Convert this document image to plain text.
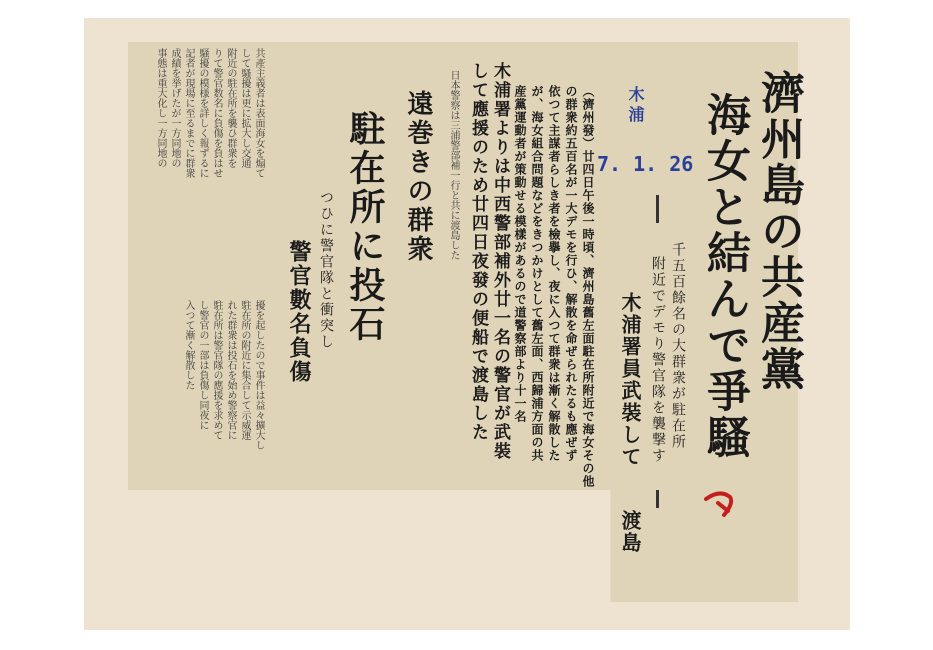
濟州島の共産黨
海女と結んで爭騷
千五百餘名の大群衆が駐在所
附近でデモり警官隊を襲撃す
木浦署員武裝して
渡島
木浦
7. 1. 26
（濟州發）廿四日午後一時頃、濟州島舊左面駐在所附近で海女その他
の群衆約五百名が一大デモを行ひ、解散を命ぜられたるも應ぜず
依つて主謀者らしき者を檢擧し、夜に入つて群衆は漸く解散した
が、海女組合問題などをきつかけとして舊左面、西歸浦方面の共
産黨運動者が策動せる模樣があるので道警察部より十一名
木浦署よりは中西警部補外廿一名の警官が武裝
して應援のため廿四日夜發の便船で渡島した
日本警察は三浦警部補一行と共に渡島した
遠巻きの群衆
駐在所に投石
つひに警官隊と衝突し
警官數名負傷
共產主義者は表面海女を煽て
して騷擾は更に拡大し交通
附近の駐在所を襲ひ群衆を
りて警官数名に負傷を負はせ
騒擾の模様を詳しく報ずるに
記者が現場に至るまでに群衆
成績を挙げたが一方同地の
事態は重大化し一方同地の
擾を起したので事件は益々擴大し
駐在所の附近に集合して示威運
れた群衆は投石を始め警察官に
駐在所は警官隊の應援を求めて
し警官の一部は負傷し同夜に
入つて漸く解散した
